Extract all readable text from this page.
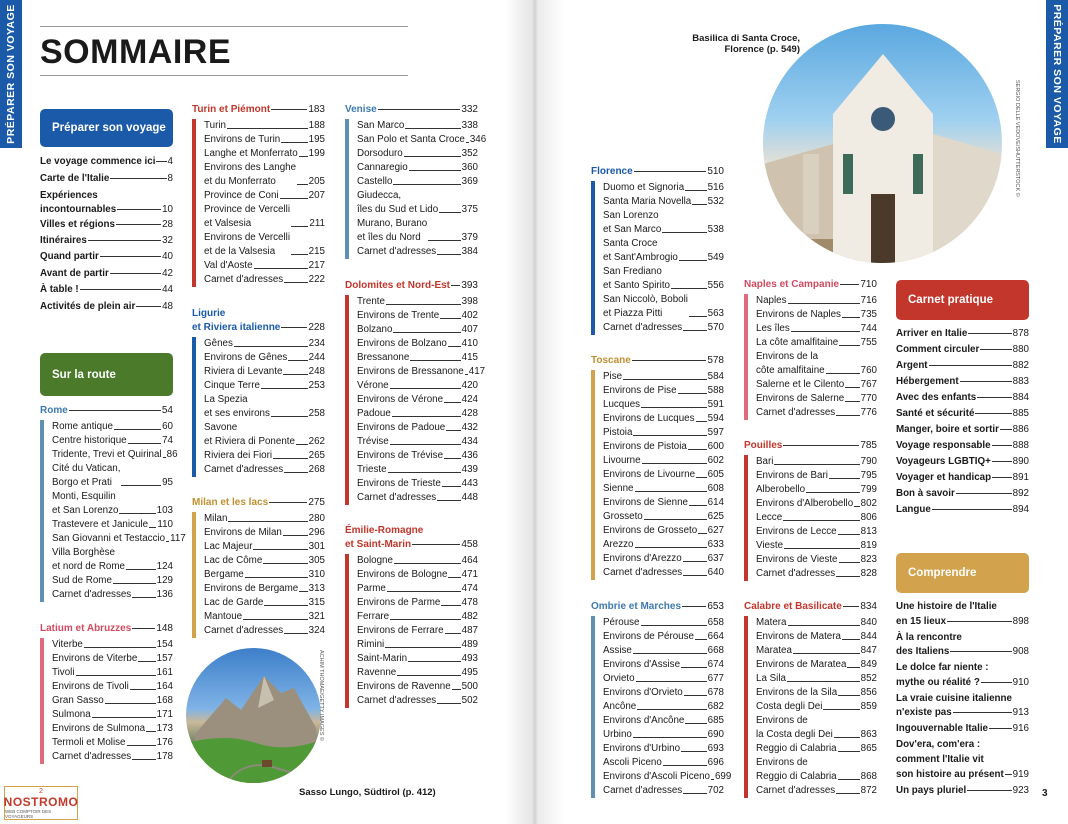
PRÉPARER SON VOYAGE	PRÉPARER SON VOYAGE
SOMMAIRE
Préparer son voyage
Le voyage commence ici 4
Carte de l'Italie	8
Expériences
incontournables	10
Villes et régions	28
Itinéraires	32
Quand partir	40
Avant de partir	42
À table !	44
Activités de plein air	48
Sur la route
Rome	54
Rome antique	60
Centre historique	74
Tridente, Trevi et Quirinal 86
Cité du Vatican,
Borgo et Prati	95
Monti, Esquilin
et San Lorenzo	103
Trastevere et Janicule 110
San Giovanni et Testaccio 117
Villa Borghèse
et nord de Rome	124
Sud de Rome	129
Carnet d'adresses	136
Latium et Abruzzes	148
Viterbe	154
Environs de Viterbe 157
Tivoli	161
Environs de Tivoli	164
Gran Sasso	168
Sulmona	171
Environs de Sulmona 173
Termoli et Molise	176
Carnet d'adresses	178
Turin et Piémont	183
Turin	188
Environs de Turin	195
Langhe et Monferrato 199
Environs des Langhe
et du Monferrato	205
Province de Coni	207
Province de Vercelli
et Valsesia	211
Environs de Vercelli
et de la Valsesia	215
Val d'Aoste	217
Carnet d'adresses	222
Ligurie
et Riviera italienne	228
Gênes	234
Environs de Gênes 244
Riviera di Levante	248
Cinque Terre	253
La Spezia
et ses environs	258
Savone
et Riviera di Ponente 262
Riviera dei Fiori	265
Carnet d'adresses	268
Milan et les lacs	275
Milan	280
Environs de Milan	296
Lac Majeur	301
Lac de Côme	305
Bergame	310
Environs de Bergame 313
Lac de Garde	315
Mantoue	321
Carnet d'adresses	324
Venise	332
San Marco	338
San Polo et Santa Croce 346
Dorsoduro	352
Cannaregio	360
Castello	369
Giudecca,
îles du Sud et Lido 375
Murano, Burano
et îles du Nord	379
Carnet d'adresses	384
Dolomites et Nord-Est 393
Trente	398
Environs de Trente 402
Bolzano	407
Environs de Bolzano 410
Bressanone	415
Environs de Bressanone 417
Vérone	420
Environs de Vérone 424
Padoue	428
Environs de Padoue 432
Trévise	434
Environs de Trévise 436
Trieste	439
Environs de Trieste 443
Carnet d'adresses	448
Émilie-Romagne
et Saint-Marin	458
Bologne	464
Environs de Bologne 471
Parme	474
Environs de Parme 478
Ferrare	482
Environs de Ferrare 487
Rimini	489
Saint-Marin	493
Ravenne	495
Environs de Ravenne 500
Carnet d'adresses	502
Florence	510
Duomo et Signoria 516
Santa Maria Novella 532
San Lorenzo
et San Marco	538
Santa Croce
et Sant'Ambrogio	549
San Frediano
et Santo Spirito	556
San Niccolò, Boboli
et Piazza Pitti	563
Carnet d'adresses	570
Toscane	578
Pise	584
Environs de Pise	588
Lucques	591
Environs de Lucques 594
Pistoia	597
Environs de Pistoia 600
Livourne	602
Environs de Livourne 605
Sienne	608
Environs de Sienne 614
Grosseto	625
Environs de Grosseto 627
Arezzo	633
Environs d'Arezzo	637
Carnet d'adresses	640
Ombrie et Marches	653
Pérouse	658
Environs de Pérouse 664
Assise	668
Environs d'Assise	674
Orvieto	677
Environs d'Orvieto	678
Ancône	682
Environs d'Ancône 685
Urbino	690
Environs d'Urbino	693
Ascoli Piceno	696
Environs d'Ascoli Piceno 699
Carnet d'adresses	702
Naples et Campanie 710
Naples	716
Environs de Naples 735
Les îles	744
La côte amalfitaine 755
Environs de la
côte amalfitaine	760
Salerne et le Cilento 767
Environs de Salerne 770
Carnet d'adresses	776
Pouilles	785
Bari	790
Environs de Bari	795
Alberobello	799
Environs d'Alberobello 802
Lecce	806
Environs de Lecce 813
Vieste	819
Environs de Vieste 823
Carnet d'adresses	828
Calabre et Basilicate 834
Matera	840
Environs de Matera 844
Maratea	847
Environs de Maratea 849
La Sila	852
Environs de la Sila 856
Costa degli Dei	859
Environs de
la Costa degli Dei	863
Reggio di Calabria 865
Environs de
Reggio di Calabria 868
Carnet d'adresses	872
Arriver en Italie	878
Comment circuler	880
Argent	882
Hébergement	883
Avec des enfants	884
Santé et sécurité	885
Manger, boire et sortir 886
Voyage responsable 888
Voyageurs LGBTIQ+ 890
Voyager et handicap 891
Bon à savoir	892
Langue	894
Une histoire de l'Italie
en 15 lieux	898
À la rencontre
des Italiens	908
Le dolce far niente :
mythe ou réalité ?	910
La vraie cuisine italienne
n'existe pas	913
Ingouvernable Italie	916
Dov'era, com'era :
comment l'Italie vit
son histoire au présent 919
Un pays pluriel	923
ACHIM THOMAE/GETTY IMAGES ©
Sasso Lungo, Südtirol (p. 412)
Basilica di Santa Croce,
Florence (p. 549)
SERGIO DELLE VEDOVE/SHUTTERSTOCK ©
Carnet pratique
Comprendre
3
2
NOSTROMO
WEB COMPTOIR DES VOYAGEURS
